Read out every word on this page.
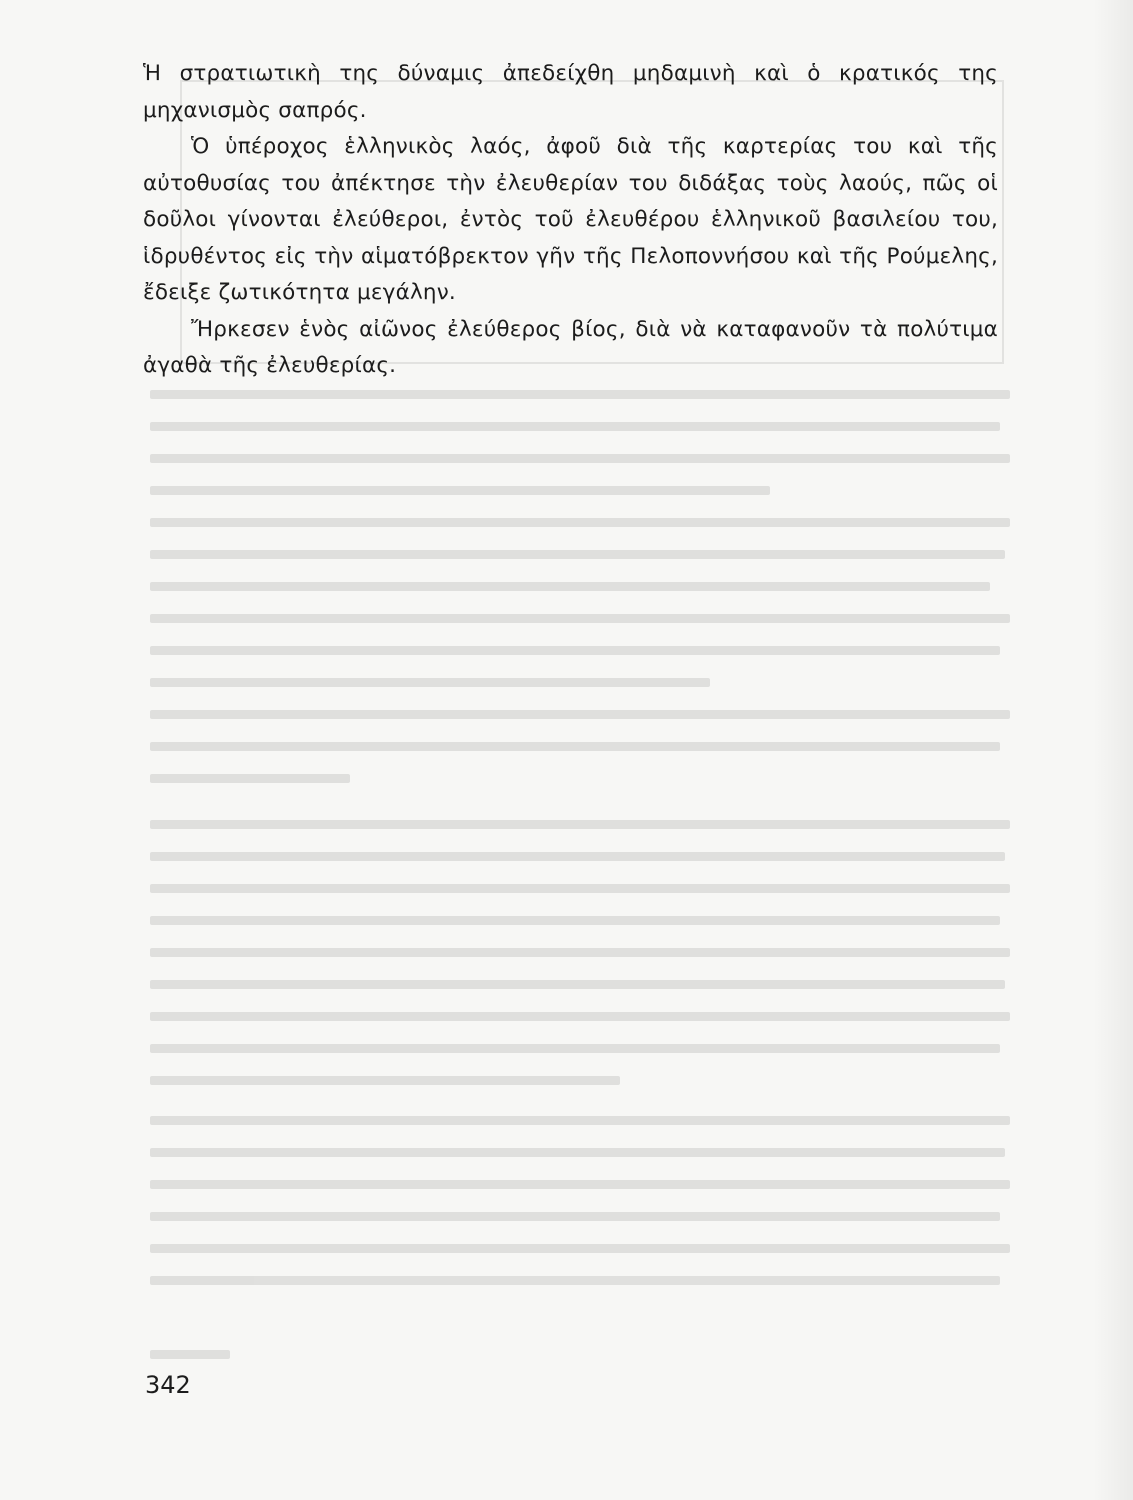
Ἡ στρατιωτικὴ της δύναμις ἀπεδείχθη μηδαμινὴ καὶ ὁ κρατικός της μηχανισμὸς σαπρός.

Ὁ ὑπέροχος ἑλληνικὸς λαός, ἀφοῦ διὰ τῆς καρτερίας του καὶ τῆς αὐτοθυσίας του ἀπέκτησε τὴν ἐλευθερίαν του διδάξας τοὺς λαούς, πῶς οἱ δοῦλοι γίνονται ἐλεύθεροι, ἐντὸς τοῦ ἐλευθέρου ἑλληνικοῦ βασιλείου του, ἱδρυθέντος εἰς τὴν αἱματόβρεκτον γῆν τῆς Πελοποννήσου καὶ τῆς Ρούμελης, ἔδειξε ζωτικότητα μεγάλην.

Ἤρκεσεν ἑνὸς αἰῶνος ἐλεύθερος βίος, διὰ νὰ καταφανοῦν τὰ πολύτιμα ἀγαθὰ τῆς ἐλευθερίας.

342
